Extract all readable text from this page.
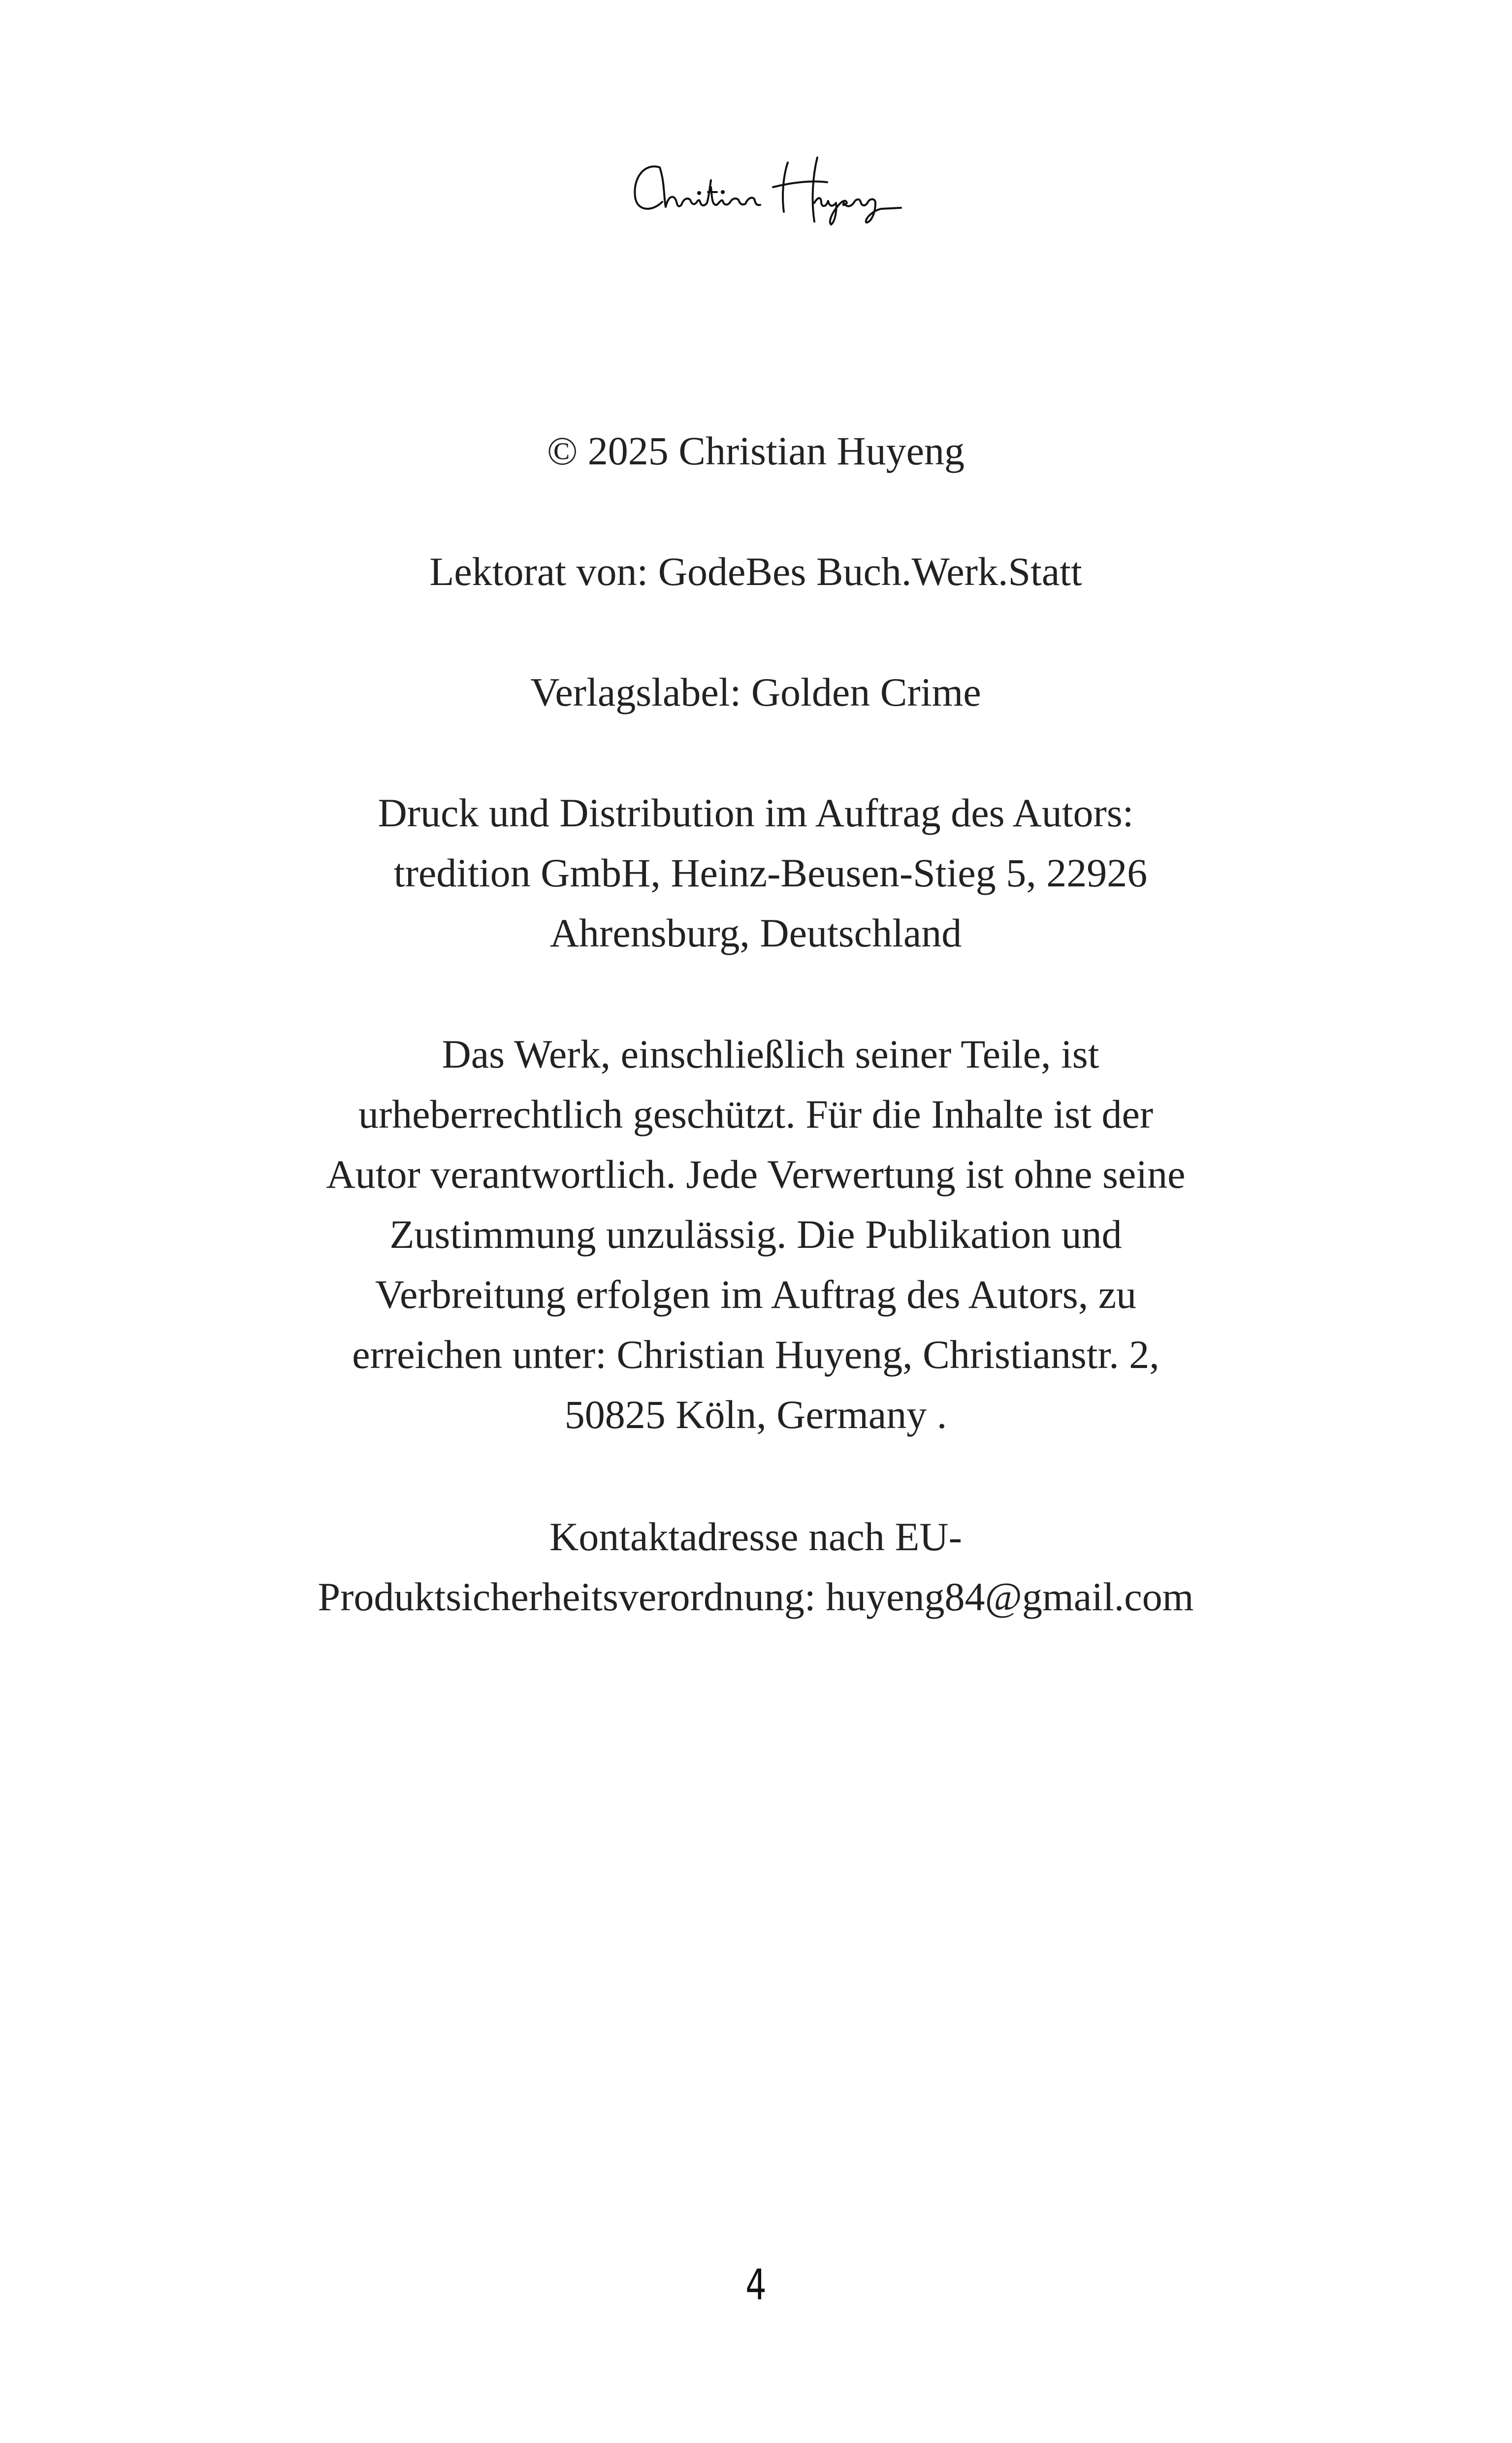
© 2025 Christian Huyeng
Lektorat von: GodeBes Buch.Werk.Statt
Verlagslabel: Golden Crime
Druck und Distribution im Auftrag des Autors:
tredition GmbH, Heinz-Beusen-Stieg 5, 22926
Ahrensburg, Deutschland
Das Werk, einschließlich seiner Teile, ist
urheberrechtlich geschützt. Für die Inhalte ist der
Autor verantwortlich. Jede Verwertung ist ohne seine
Zustimmung unzulässig. Die Publikation und
Verbreitung erfolgen im Auftrag des Autors, zu
erreichen unter: Christian Huyeng, Christianstr. 2,
50825 Köln, Germany .
Kontaktadresse nach EU-
Produktsicherheitsverordnung: huyeng84@gmail.com
4
